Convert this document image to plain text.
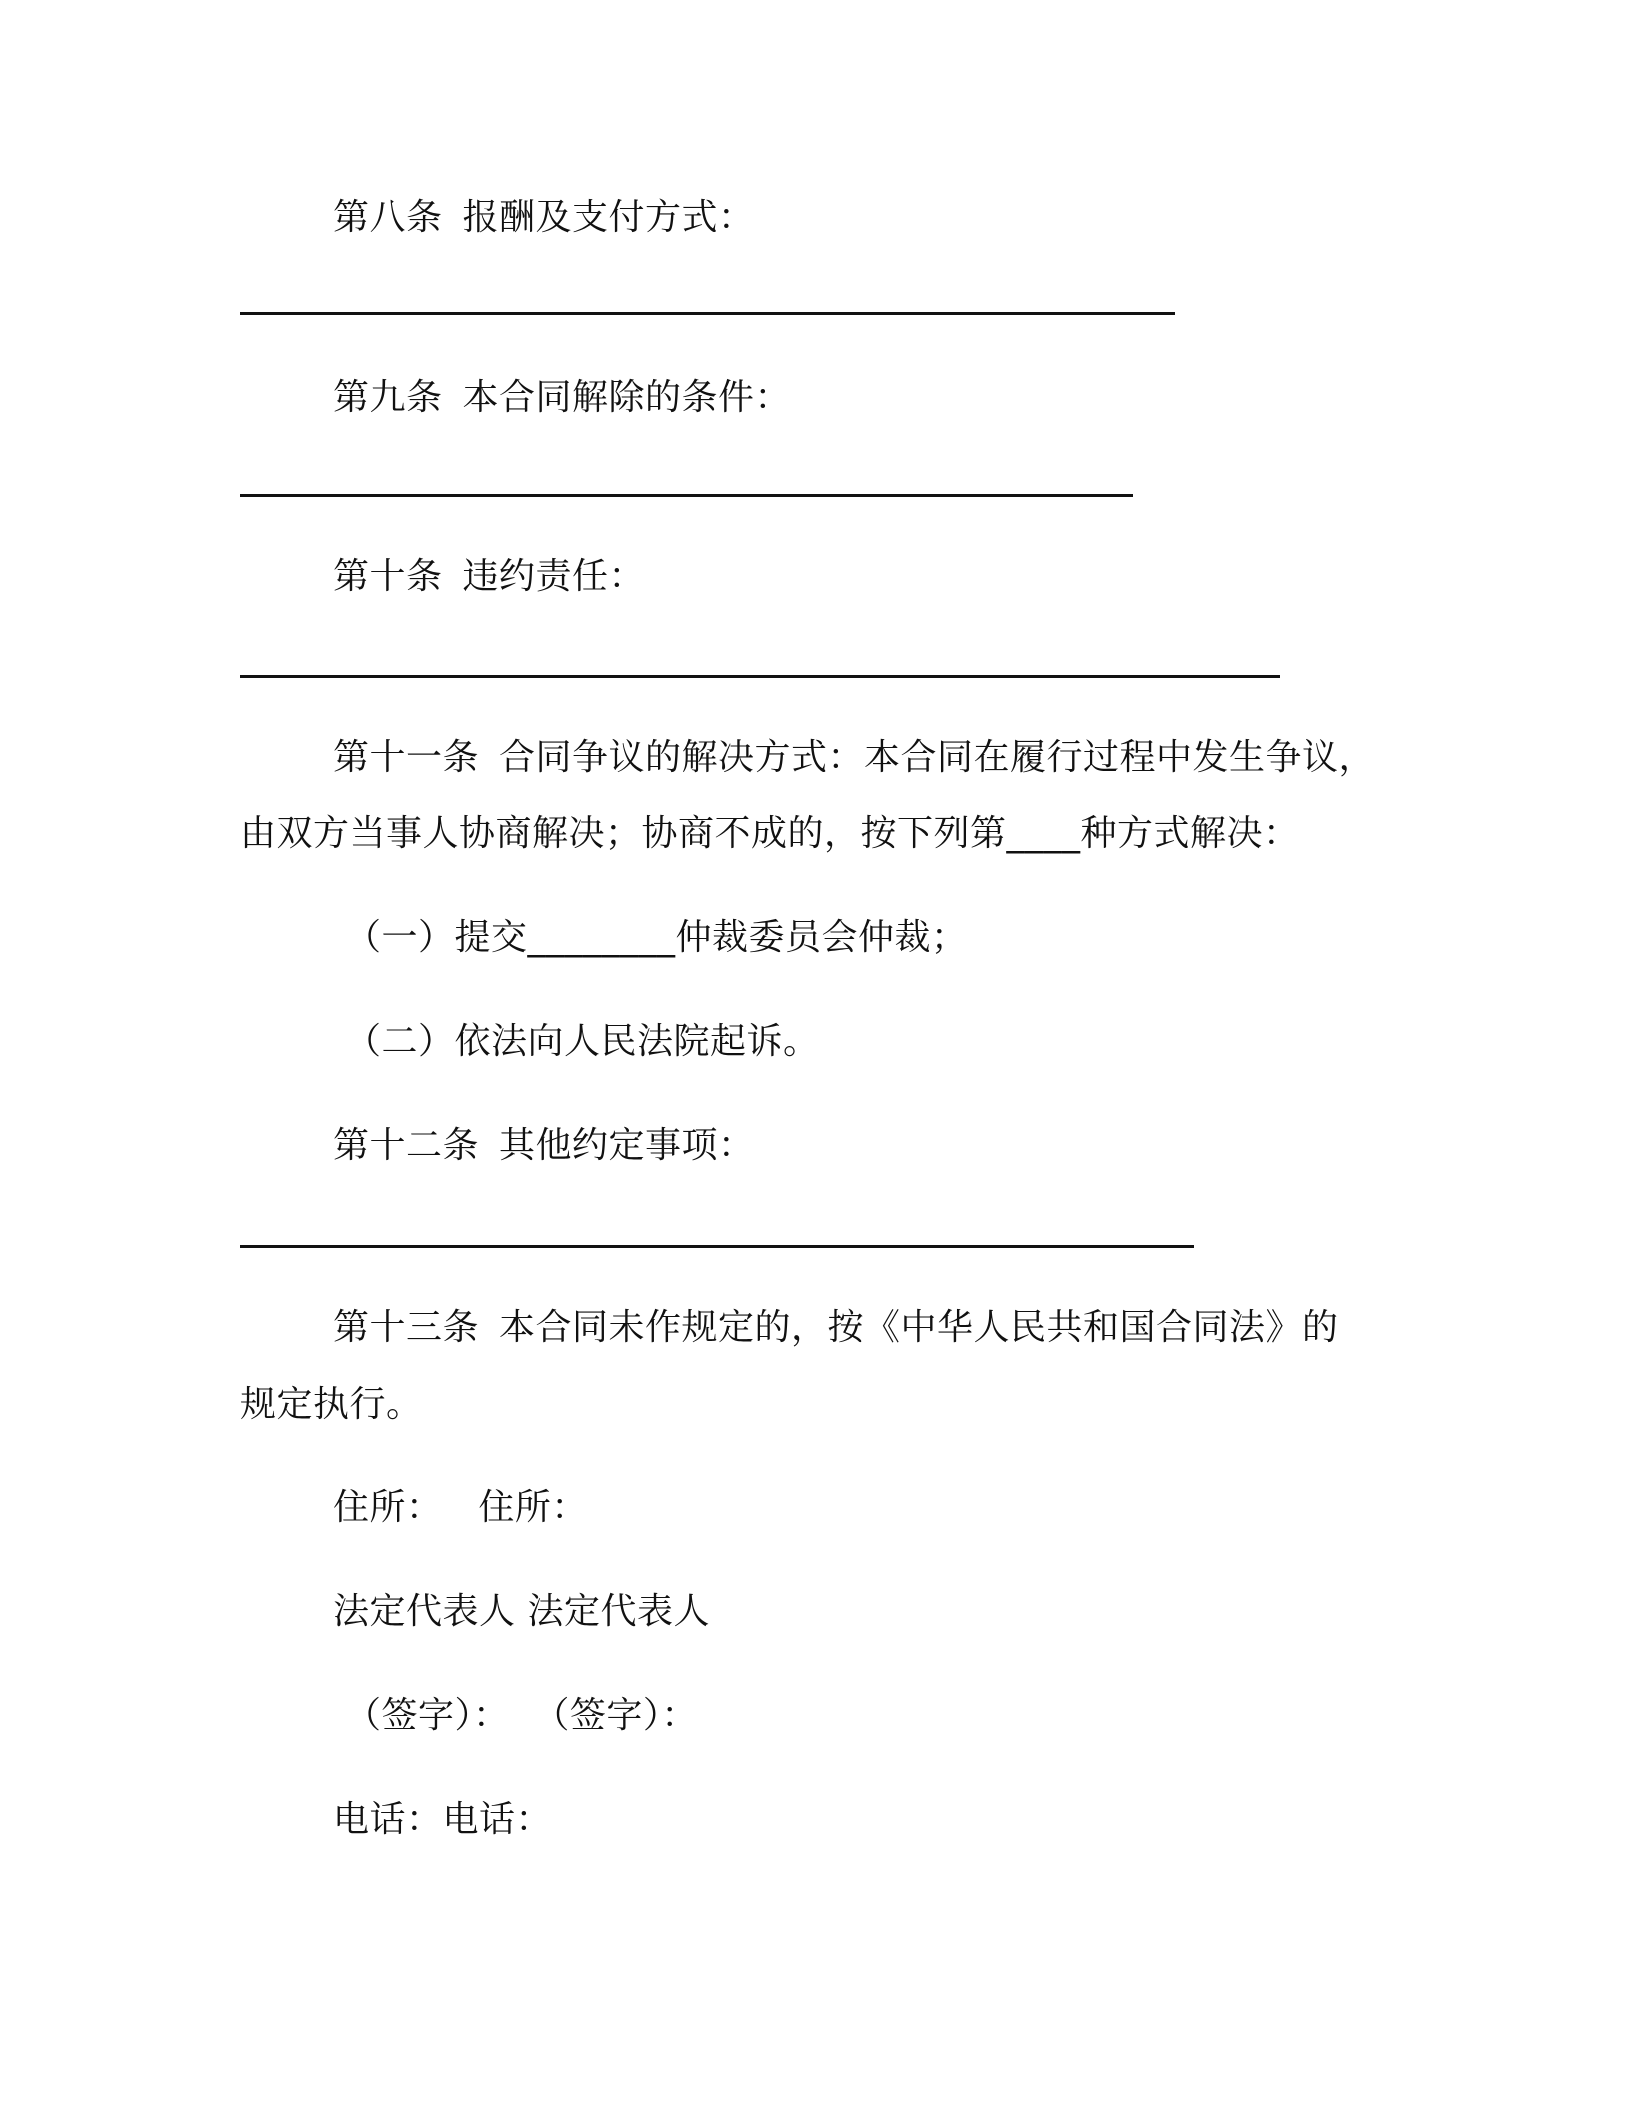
第八条 报酬及支付方式：
第九条 本合同解除的条件：
第十条 违约责任：
第十一条 合同争议的解决方式：本合同在履行过程中发生争议，
由双方当事人协商解决；协商不成的，按下列第____种方式解决：
（一）提交________仲裁委员会仲裁；
（二）依法向人民法院起诉。
第十二条 其他约定事项：
第十三条 本合同未作规定的，按《中华人民共和国合同法》的
规定执行。
住所：   住所：
法定代表人 法定代表人
（签字）：  （签字）：
电话：电话：
